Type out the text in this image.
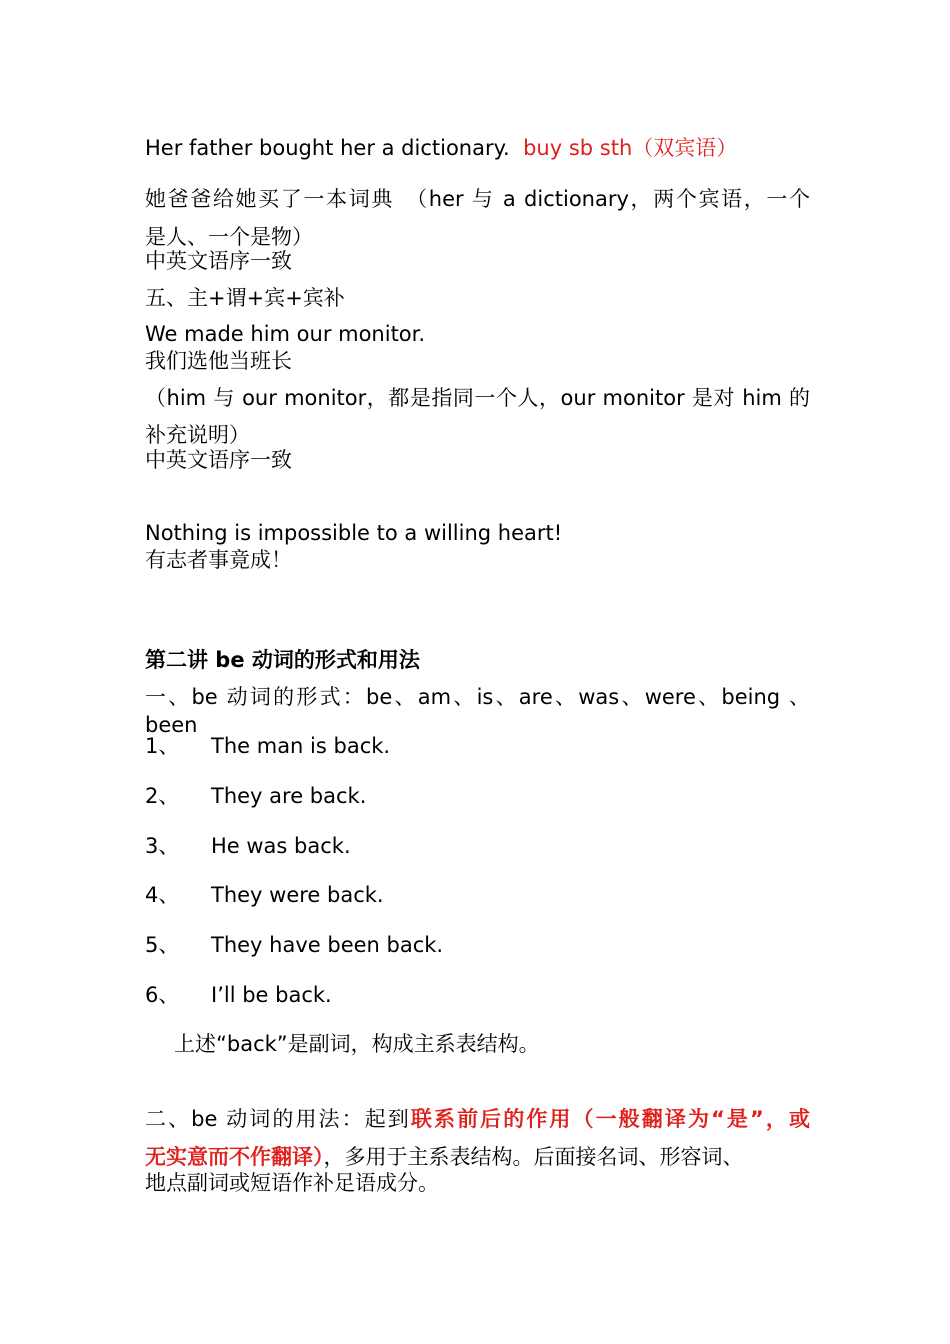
Her father bought her a dictionary. buy sb sth（双宾语）
她爸爸给她买了一本词典　（her 与 a dictionary，两个宾语，一个
是人、一个是物）
中英文语序一致
五、主+谓+宾+宾补
We made him our monitor.
我们选他当班长
（him 与 our monitor，都是指同一个人，our monitor 是对 him 的
补充说明）
中英文语序一致
Nothing is impossible to a willing heart!
有志者事竟成！
第二讲 be 动词的形式和用法
一、be 动词的形式：be、am、is、are、was、were、being 、been
1、 The man is back.
2、 They are back.
3、 He was back.
4、 They were back.
5、 They have been back.
6、 I’ll be back.
上述“back”是副词，构成主系表结构。
二、be 动词的用法：起到联系前后的作用（一般翻译为“是”，或
无实意而不作翻译），多用于主系表结构。后面接名词、形容词、
地点副词或短语作补足语成分。
